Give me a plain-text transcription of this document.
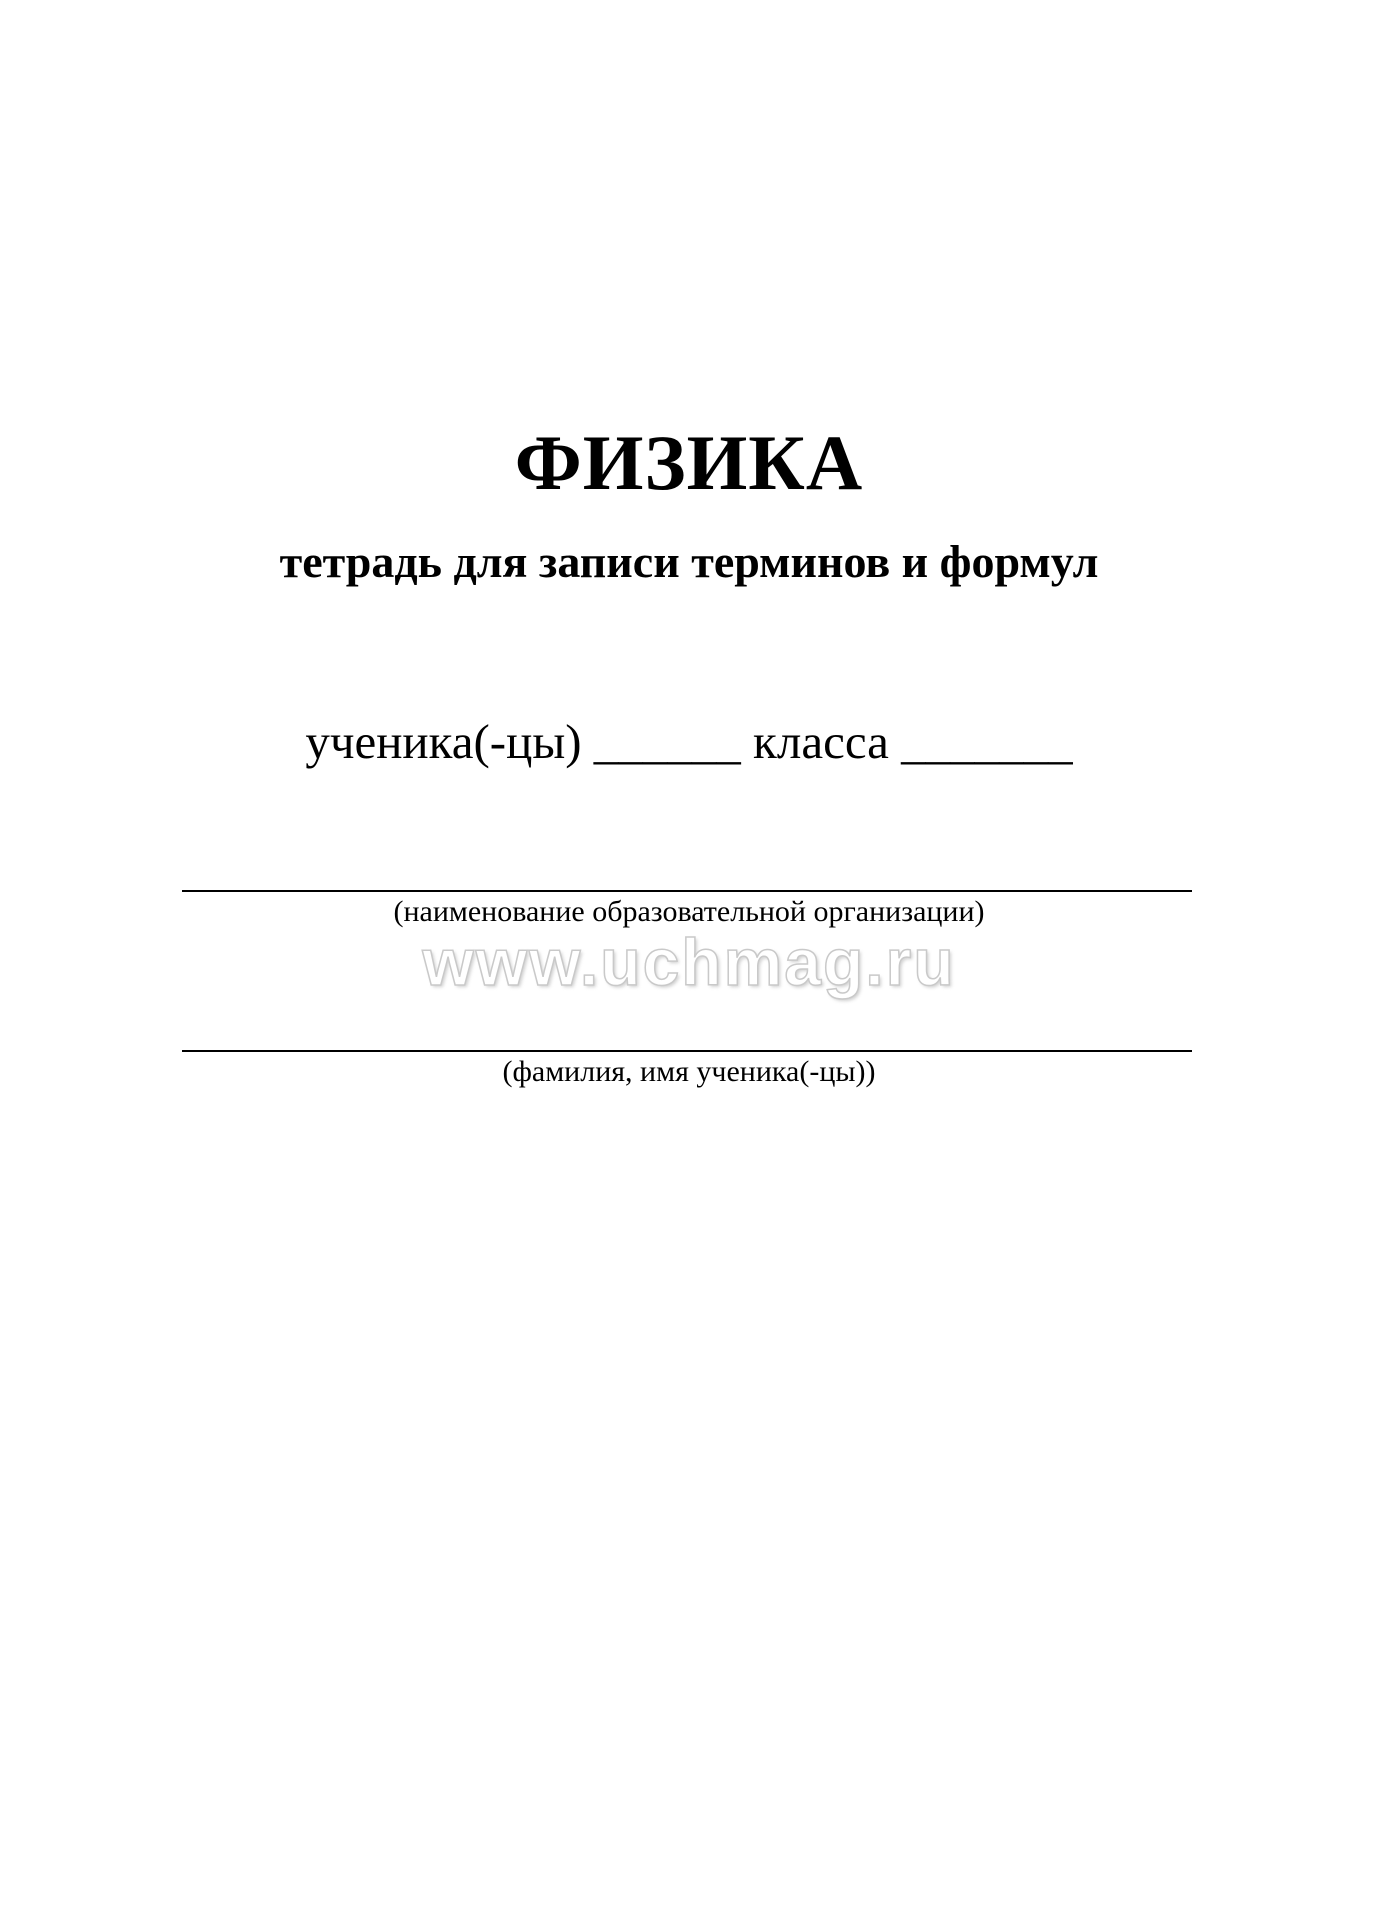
ФИЗИКА
тетрадь для записи терминов и формул
ученика(-цы) ______ класса _______
(наименование образовательной организации)
www.uchmag.ru
(фамилия, имя ученика(-цы))
